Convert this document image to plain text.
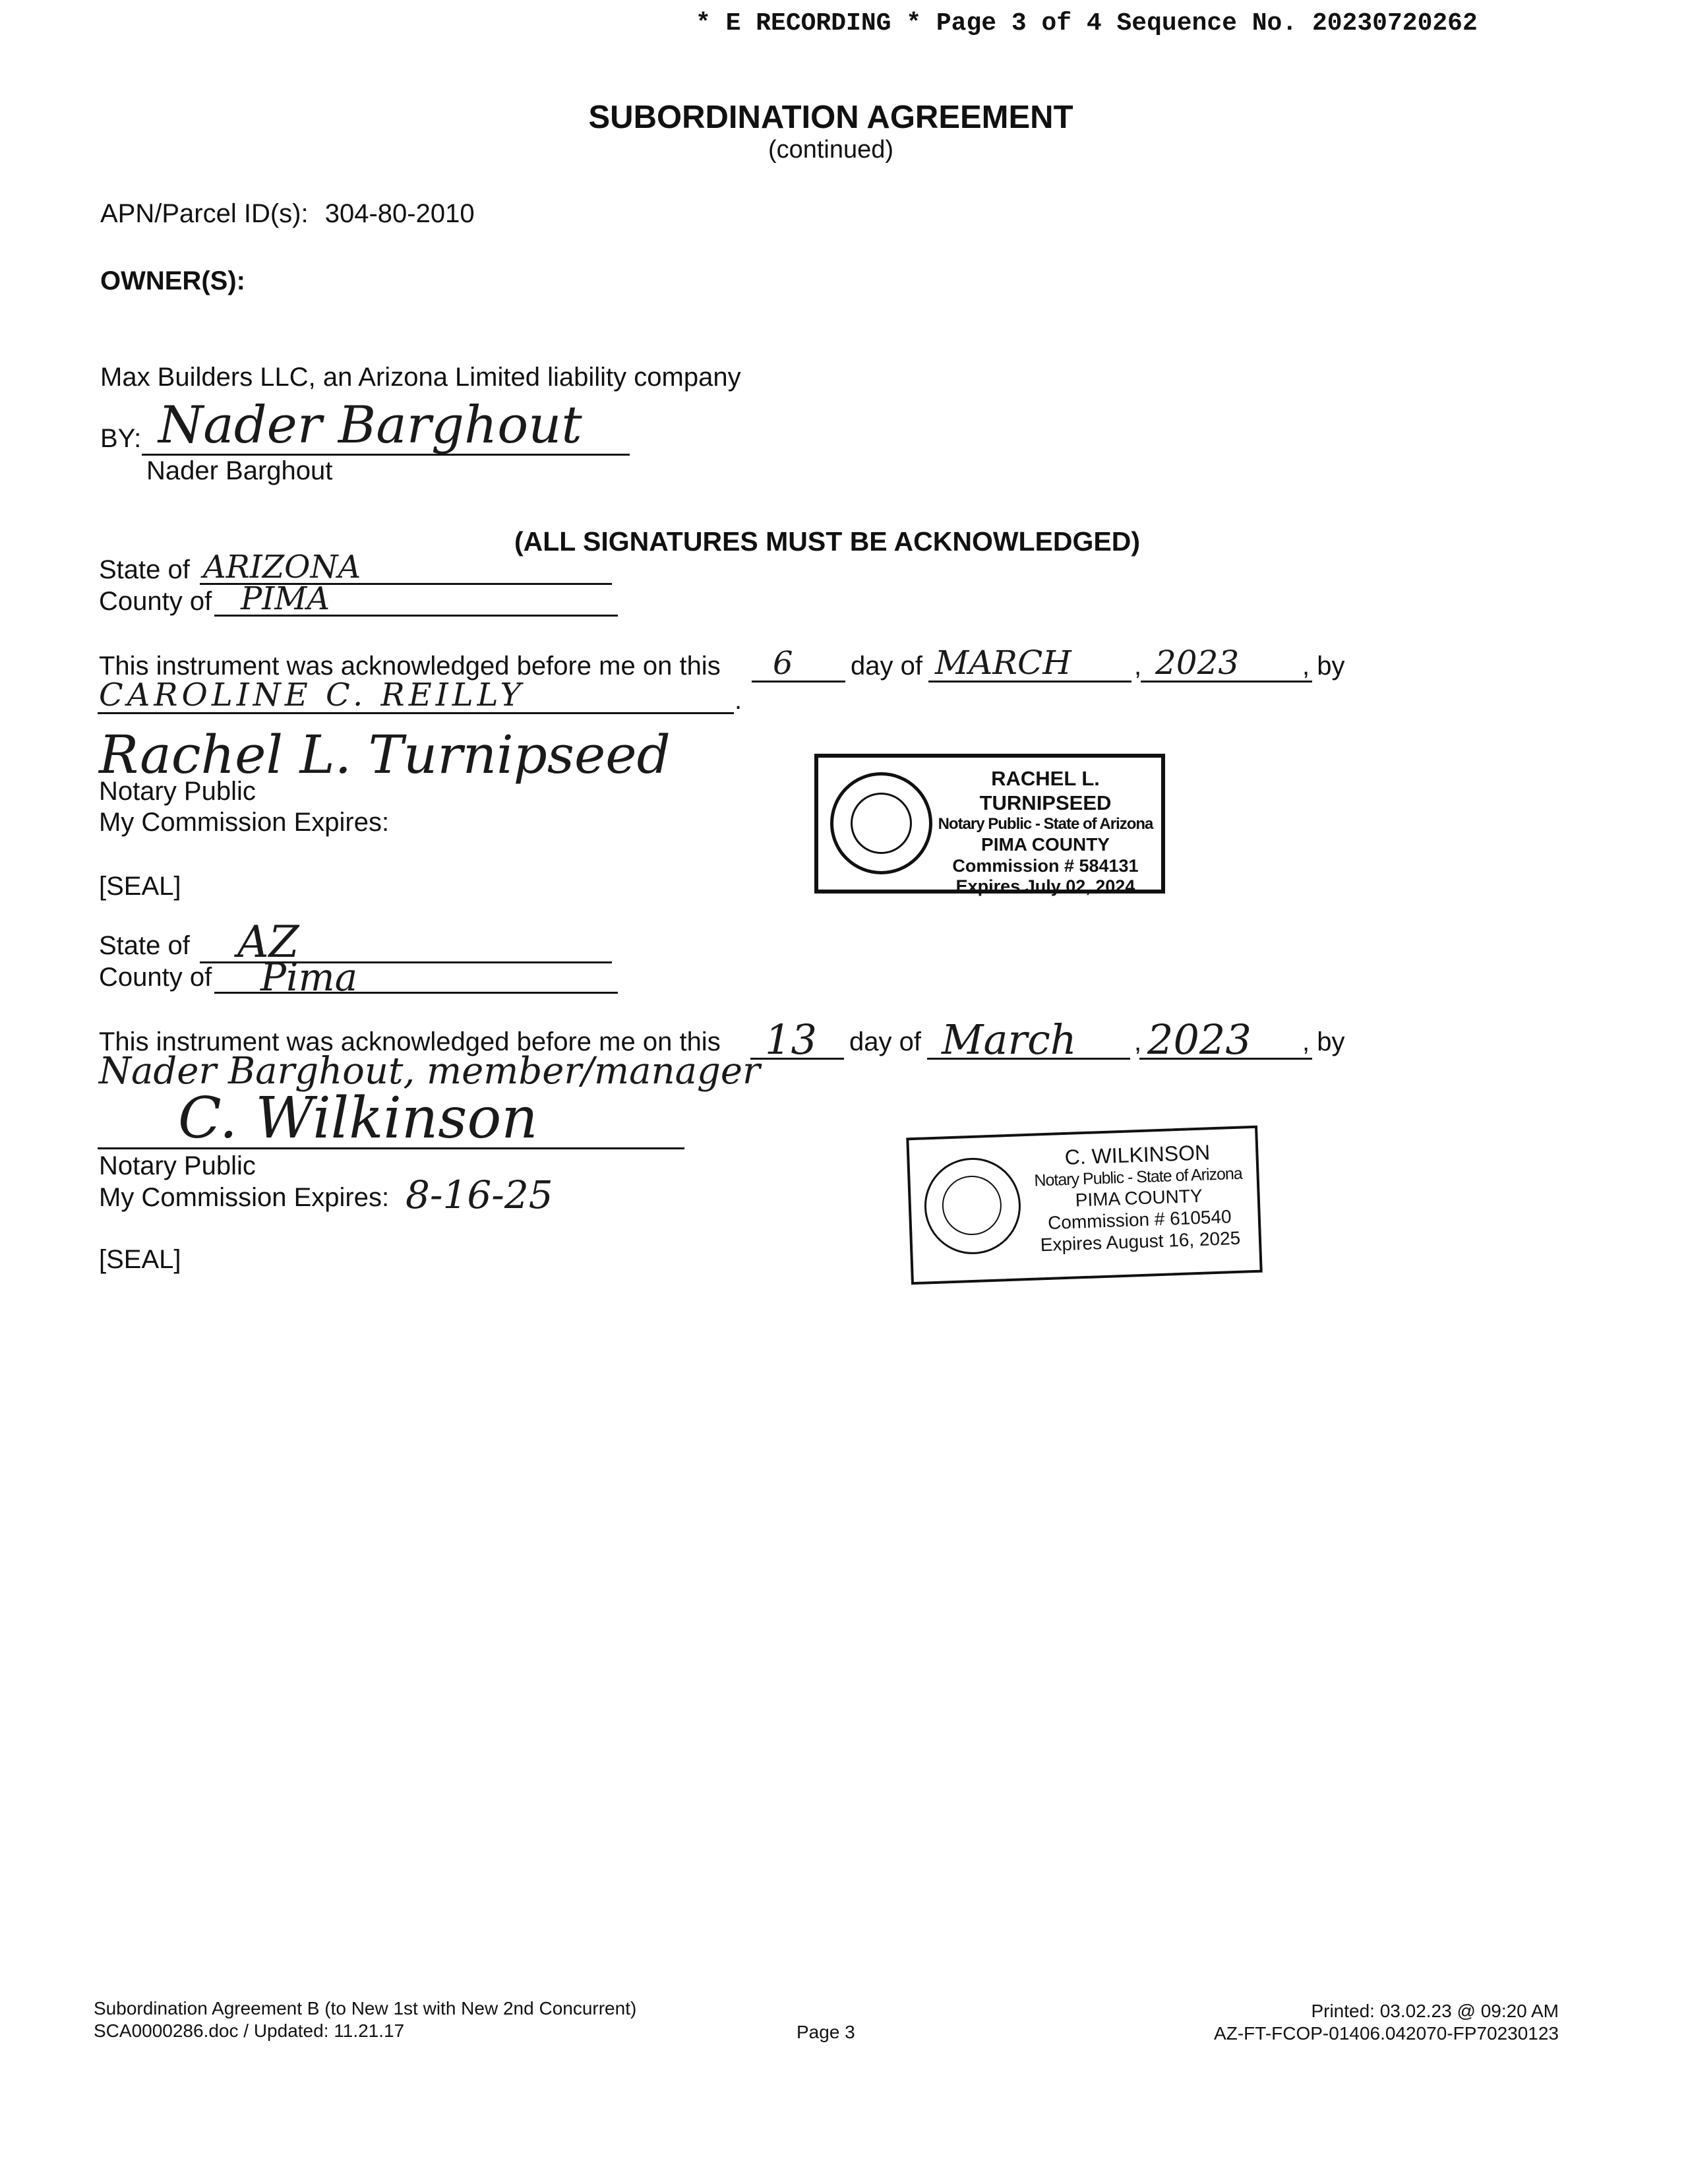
* E RECORDING * Page 3 of 4 Sequence No. 20230720262
SUBORDINATION AGREEMENT
(continued)
APN/Parcel ID(s): 304-80-2010
OWNER(S):
Max Builders LLC, an Arizona Limited liability company
BY: Nader Barghout
Nader Barghout
(ALL SIGNATURES MUST BE ACKNOWLEDGED)
State of ARIZONA
County of PIMA
This instrument was acknowledged before me on this 6 day of MARCH , 2023 , by
CAROLINE C. REILLY	.
Rachel L. Turnipseed
Notary Public
My Commission Expires:
[SEAL]
RACHEL L. TURNIPSEED
Notary Public - State of Arizona
PIMA COUNTY
Commission # 584131
Expires July 02, 2024
State of AZ
County of Pima
This instrument was acknowledged before me on this 13 day of March , 2023 , by
Nader Barghout, member/manager
C. Wilkinson
Notary Public
My Commission Expires: 8-16-25
[SEAL]
C. WILKINSON
Notary Public - State of Arizona
PIMA COUNTY
Commission # 610540
Expires August 16, 2025
Subordination Agreement B (to New 1st with New 2nd Concurrent)
SCA0000286.doc / Updated: 11.21.17	Page 3
Printed: 03.02.23 @ 09:20 AM
AZ-FT-FCOP-01406.042070-FP70230123
